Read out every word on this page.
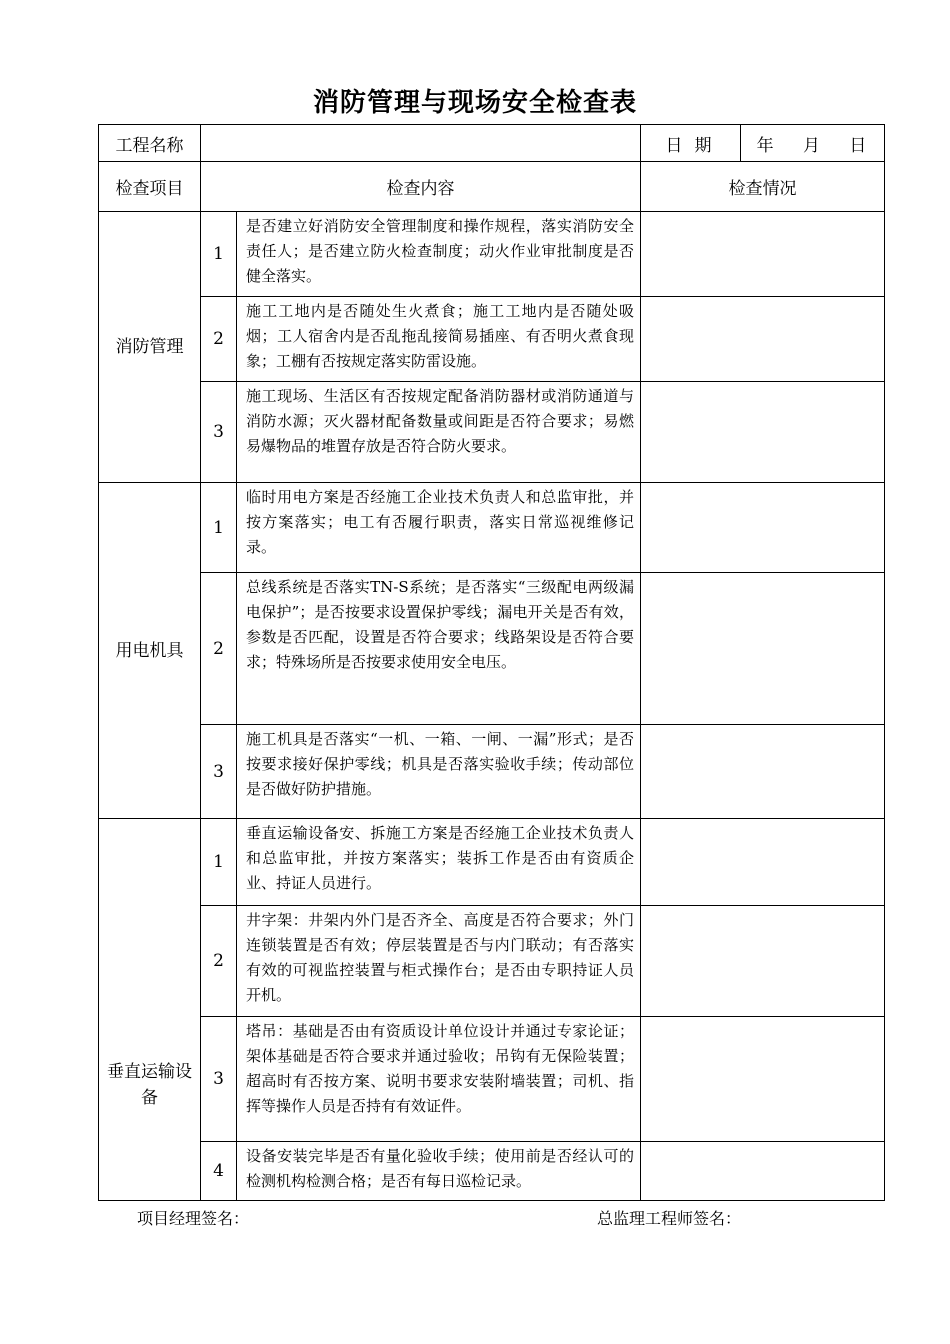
消防管理与现场安全检查表
工程名称			日期	年 月 日
检查项目	检查内容		检查情况	
消防管理	1	是否建立好消防安全管理制度和操作规程，落实消防安全责任人；是否建立防火检查制度；动火作业审批制度是否健全落实。		
	2	施工工地内是否随处生火煮食；施工工地内是否随处吸烟；工人宿舍内是否乱拖乱接简易插座、有否明火煮食现象；工棚有否按规定落实防雷设施。		
	3	施工现场、生活区有否按规定配备消防器材或消防通道与消防水源；灭火器材配备数量或间距是否符合要求；易燃易爆物品的堆置存放是否符合防火要求。		
用电机具	1	临时用电方案是否经施工企业技术负责人和总监审批，并按方案落实；电工有否履行职责，落实日常巡视维修记录。		
	2	总线系统是否落实TN-S系统；是否落实“三级配电两级漏电保护”；是否按要求设置保护零线；漏电开关是否有效，参数是否匹配，设置是否符合要求；线路架设是否符合要求；特殊场所是否按要求使用安全电压。		
	3	施工机具是否落实“一机、一箱、一闸、一漏”形式；是否按要求接好保护零线；机具是否落实验收手续；传动部位是否做好防护措施。		

垂直运输设备	1	垂直运输设备安、拆施工方案是否经施工企业技术负责人和总监审批，并按方案落实；装拆工作是否由有资质企业、持证人员进行。		
	2	井字架：井架内外门是否齐全、高度是否符合要求；外门连锁装置是否有效；停层装置是否与内门联动；有否落实有效的可视监控装置与柜式操作台；是否由专职持证人员开机。		
	3	塔吊：基础是否由有资质设计单位设计并通过专家论证；架体基础是否符合要求并通过验收；吊钩有无保险装置；超高时有否按方案、说明书要求安装附墙装置；司机、指挥等操作人员是否持有有效证件。		
	4	设备安装完毕是否有量化验收手续；使用前是否经认可的检测机构检测合格；是否有每日巡检记录。		
项目经理签名：	总监理工程师签名：
